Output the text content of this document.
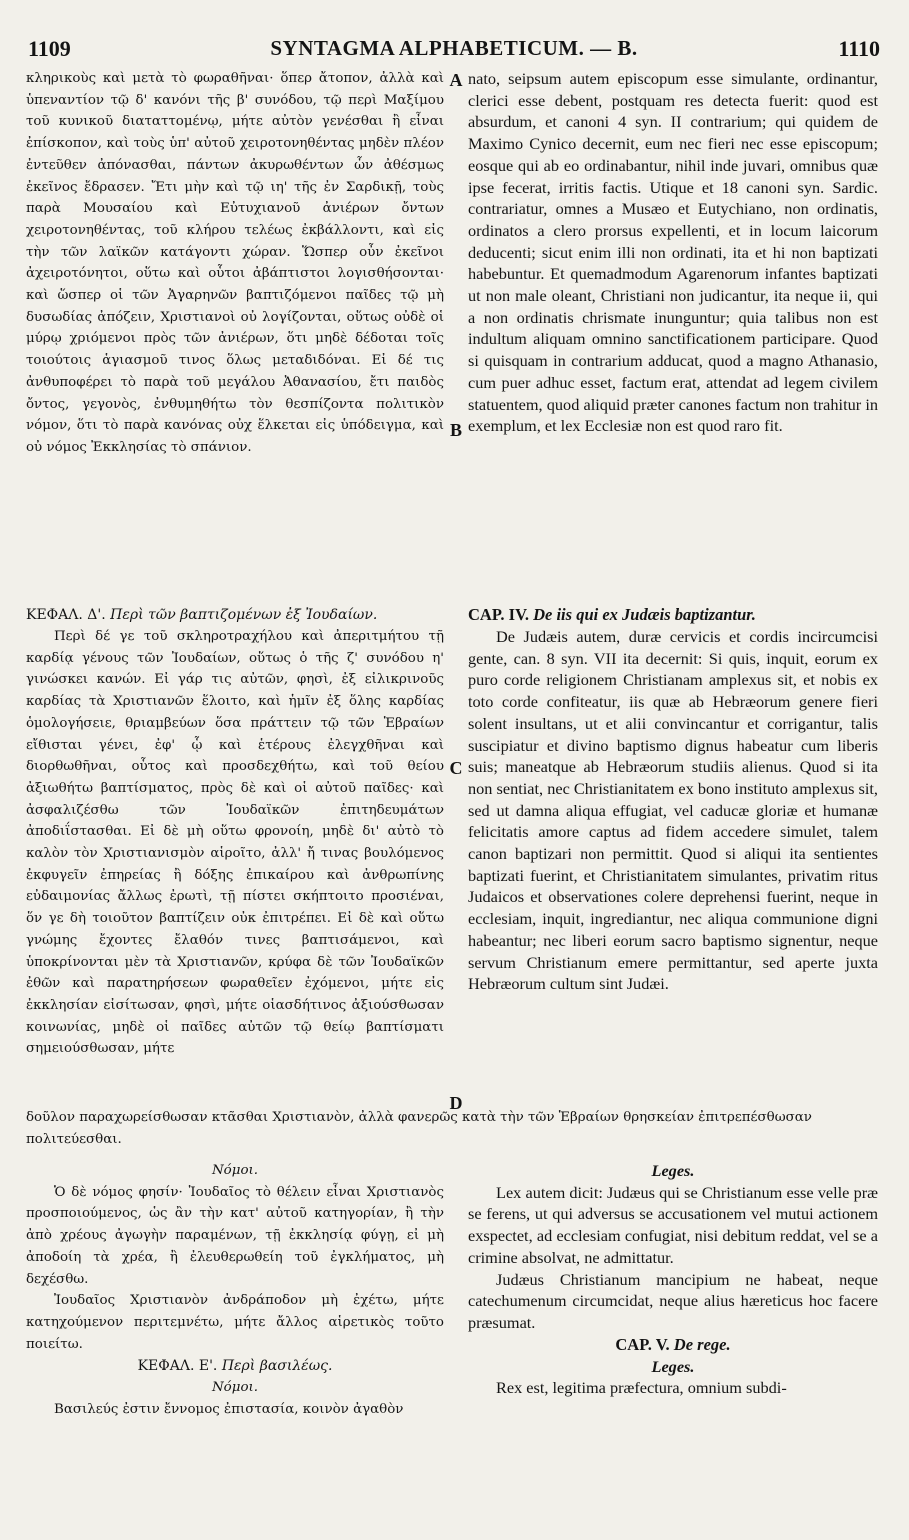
1109	SYNTAGMA ALPHABETICUM. — B.	1110
A
B
C
D

κληρικοὺς καὶ μετὰ τὸ φωραθῆναι· ὅπερ ἄτοπον, ἀλλὰ καὶ ὑπεναντίον τῷ δ' κανόνι τῆς β' συνόδου, τῷ περὶ Μαξίμου τοῦ κυνικοῦ διαταττομένῳ, μήτε αὐτὸν γενέσθαι ἢ εἶναι ἐπίσκοπον, καὶ τοὺς ὑπ' αὐτοῦ χειροτονηθέντας μηδὲν πλέον ἐντεῦθεν ἀπόνασθαι, πάντων ἀκυρωθέντων ὧν ἀθέσμως ἐκεῖνος ἔδρασεν. Ἔτι μὴν καὶ τῷ ιη' τῆς ἐν Σαρδικῇ, τοὺς παρὰ Μουσαίου καὶ Εὐτυχιανοῦ ἀνιέρων ὄντων χειροτονηθέντας, τοῦ κλήρου τελέως ἐκβάλλοντι, καὶ εἰς τὴν τῶν λαϊκῶν κατάγοντι χώραν. Ὥσπερ οὖν ἐκεῖνοι ἀχειροτόνητοι, οὕτω καὶ οὗτοι ἀβάπτιστοι λογισθήσονται· καὶ ὥσπερ οἱ τῶν Ἀγαρηνῶν βαπτιζόμενοι παῖδες τῷ μὴ δυσωδίας ἀπόζειν, Χριστιανοὶ οὐ λογίζονται, οὕτως οὐδὲ οἱ μύρῳ χριόμενοι πρὸς τῶν ἀνιέρων, ὅτι μηδὲ δέδοται τοῖς τοιούτοις ἁγιασμοῦ τινος ὅλως μεταδιδόναι. Εἰ δέ τις ἀνθυποφέρει τὸ παρὰ τοῦ μεγάλου Ἀθανασίου, ἔτι παιδὸς ὄντος, γεγονὸς, ἐνθυμηθήτω τὸν θεσπίζοντα πολιτικὸν νόμον, ὅτι τὸ παρὰ κανόνας οὐχ ἕλκεται εἰς ὑπόδειγμα, καὶ οὐ νόμος Ἐκκλησίας τὸ σπάνιον.

nato, seipsum autem episcopum esse simulante, ordinantur, clerici esse debent, postquam res detecta fuerit: quod est absurdum, et canoni 4 syn. II contrarium; qui quidem de Maximo Cynico decernit, eum nec fieri nec esse episcopum; eosque qui ab eo ordinabantur, nihil inde juvari, omnibus quæ ipse fecerat, irritis factis. Utique et 18 canoni syn. Sardic. contrariatur, omnes a Musæo et Eutychiano, non ordinatis, ordinatos a clero prorsus expellenti, et in locum laicorum deducenti; sicut enim illi non ordinati, ita et hi non baptizati habebuntur. Et quemadmodum Agarenorum infantes baptizati ut non male oleant, Christiani non judicantur, ita neque ii, qui a non ordinatis chrismate inunguntur; quia talibus non est indultum aliquam omnino sanctificationem participare. Quod si quisquam in contrarium adducat, quod a magno Athanasio, cum puer adhuc esset, factum erat, attendat ad legem civilem statuentem, quod aliquid præter canones factum non trahitur in exemplum, et lex Ecclesiæ non est quod raro fit.

ΚΕΦΑΛ. Δ'. Περὶ τῶν βαπτιζομένων ἐξ Ἰουδαίων.

Περὶ δέ γε τοῦ σκληροτραχήλου καὶ ἀπεριτμήτου τῇ καρδίᾳ γένους τῶν Ἰουδαίων, οὕτως ὁ τῆς ζ' συνόδου η' γινώσκει κανών. Εἰ γάρ τις αὐτῶν, φησὶ, ἐξ εἰλικρινοῦς καρδίας τὰ Χριστιανῶν ἕλοιτο, καὶ ἡμῖν ἐξ ὅλης καρδίας ὁμολογήσειε, θριαμβεύων ὅσα πράττειν τῷ τῶν Ἑβραίων εἴθισται γένει, ἐφ' ᾧ καὶ ἑτέρους ἐλεγχθῆναι καὶ διορθωθῆναι, οὗτος καὶ προσδεχθήτω, καὶ τοῦ θείου ἀξιωθήτω βαπτίσματος, πρὸς δὲ καὶ οἱ αὐτοῦ παῖδες· καὶ ἀσφαλιζέσθω τῶν Ἰουδαϊκῶν ἐπιτηδευμάτων ἀποδιΐστασθαι. Εἰ δὲ μὴ οὕτω φρονοίη, μηδὲ δι' αὐτὸ τὸ καλὸν τὸν Χριστιανισμὸν αἱροῖτο, ἀλλ' ἤ τινας βουλόμενος ἐκφυγεῖν ἐπηρείας ἢ δόξης ἐπικαίρου καὶ ἀνθρωπίνης εὐδαιμονίας ἄλλως ἐρωτὶ, τῇ πίστει σκήπτοιτο προσιέναι, ὅν γε δὴ τοιοῦτον βαπτίζειν οὐκ ἐπιτρέπει. Εἰ δὲ καὶ οὕτω γνώμης ἔχοντες ἔλαθόν τινες βαπτισάμενοι, καὶ ὑποκρίνονται μὲν τὰ Χριστιανῶν, κρύφα δὲ τῶν Ἰουδαϊκῶν ἐθῶν καὶ παρατηρήσεων φωραθεῖεν ἐχόμενοι, μήτε εἰς ἐκκλησίαν εἰσίτωσαν, φησὶ, μήτε οἱασδήτινος ἀξιούσθωσαν κοινωνίας, μηδὲ οἱ παῖδες αὐτῶν τῷ θείῳ βαπτίσματι σημειούσθωσαν, μήτε

CAP. IV. De iis qui ex Judæis baptizantur.

De Judæis autem, duræ cervicis et cordis incircumcisi gente, can. 8 syn. VII ita decernit: Si quis, inquit, eorum ex puro corde religionem Christianam amplexus sit, et nobis ex toto corde confiteatur, iis quæ ab Hebræorum genere fieri solent insultans, ut et alii convincantur et corrigantur, talis suscipiatur et divino baptismo dignus habeatur cum liberis suis; maneatque ab Hebræorum studiis alienus. Quod si ita non sentiat, nec Christianitatem ex bono instituto amplexus sit, sed ut damna aliqua effugiat, vel caducæ gloriæ et humanæ felicitatis amore captus ad fidem accedere simulet, talem canon baptizari non permittit. Quod si aliqui ita sentientes baptizati fuerint, et Christianitatem simulantes, privatim ritus Judaicos et observationes colere deprehensi fuerint, neque in ecclesiam, inquit, ingrediantur, nec aliqua communione digni habeantur; nec liberi eorum sacro baptismo signentur, neque servum Christianum emere permittantur, sed aperte juxta Hebræorum cultum sint Judæi.

δοῦλον παραχωρείσθωσαν κτᾶσθαι Χριστιανὸν, ἀλλὰ φανερῶς κατὰ τὴν τῶν Ἑβραίων θρησκείαν ἐπιτρεπέσθωσαν πολιτεύεσθαι.
Νόμοι.

Ὁ δὲ νόμος φησίν· Ἰουδαῖος τὸ θέλειν εἶναι Χριστιανὸς προσποιούμενος, ὡς ἂν τὴν κατ' αὐτοῦ κατηγορίαν, ἢ τὴν ἀπὸ χρέους ἀγωγὴν παραμένων, τῇ ἐκκλησίᾳ φύγῃ, εἰ μὴ ἀποδοίη τὰ χρέα, ἢ ἐλευθερωθείη τοῦ ἐγκλήματος, μὴ δεχέσθω.

Ἰουδαῖος Χριστιανὸν ἀνδράποδον μὴ ἐχέτω, μήτε κατηχούμενον περιτεμνέτω, μήτε ἄλλος αἱρετικὸς τοῦτο ποιείτω.

ΚΕΦΑΛ. Ε'. Περὶ βασιλέως.
Νόμοι.

Βασιλεύς ἐστιν ἔννομος ἐπιστασία, κοινὸν ἀγαθὸν

Leges.

Lex autem dicit: Judæus qui se Christianum esse velle præ se ferens, ut qui adversus se accusationem vel mutui actionem exspectet, ad ecclesiam confugiat, nisi debitum reddat, vel se a crimine absolvat, ne admittatur.

Judæus Christianum mancipium ne habeat, neque catechumenum circumcidat, neque alius hæreticus hoc facere præsumat.

CAP. V. De rege.
Leges.

Rex est, legitima præfectura, omnium subdi-
